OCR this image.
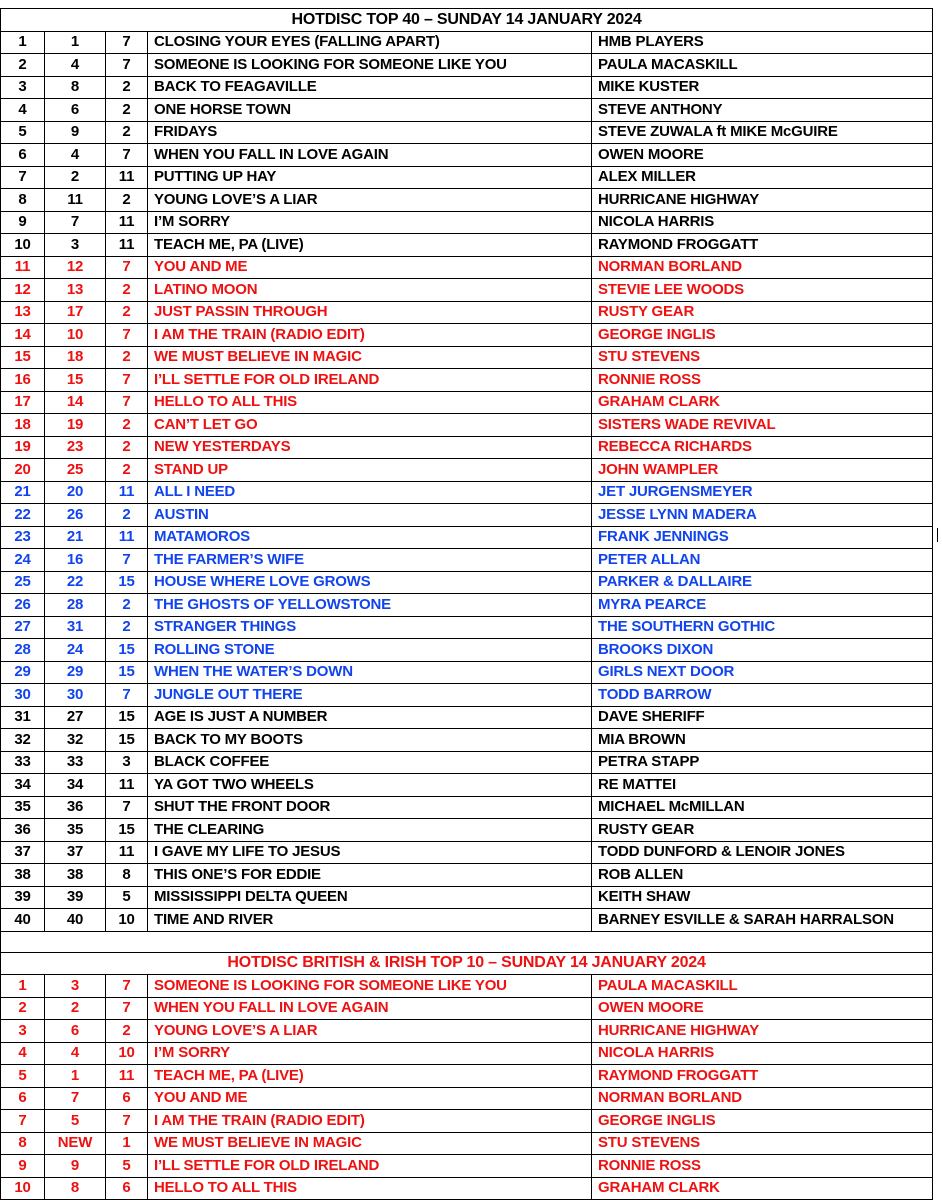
HOTDISC TOP 40 – SUNDAY 14 JANUARY 2024				
1	1	7	CLOSING YOUR EYES (FALLING APART)	HMB PLAYERS
2	4	7	SOMEONE IS LOOKING FOR SOMEONE LIKE YOU	PAULA MACASKILL
3	8	2	BACK TO FEAGAVILLE	MIKE KUSTER
4	6	2	ONE HORSE TOWN	STEVE ANTHONY
5	9	2	FRIDAYS	STEVE ZUWALA ft MIKE McGUIRE
6	4	7	WHEN YOU FALL IN LOVE AGAIN	OWEN MOORE
7	2	11	PUTTING UP HAY	ALEX MILLER
8	11	2	YOUNG LOVE’S A LIAR	HURRICANE HIGHWAY
9	7	11	I’M SORRY	NICOLA HARRIS
10	3	11	TEACH ME, PA (LIVE)	RAYMOND FROGGATT
11	12	7	YOU AND ME	NORMAN BORLAND
12	13	2	LATINO MOON	STEVIE LEE WOODS
13	17	2	JUST PASSIN THROUGH	RUSTY GEAR
14	10	7	I AM THE TRAIN (RADIO EDIT)	GEORGE INGLIS
15	18	2	WE MUST BELIEVE IN MAGIC	STU STEVENS
16	15	7	I’LL SETTLE FOR OLD IRELAND	RONNIE ROSS
17	14	7	HELLO TO ALL THIS	GRAHAM CLARK
18	19	2	CAN’T LET GO	SISTERS WADE REVIVAL
19	23	2	NEW YESTERDAYS	REBECCA RICHARDS
20	25	2	STAND UP	JOHN WAMPLER
21	20	11	ALL I NEED	JET JURGENSMEYER
22	26	2	AUSTIN	JESSE LYNN MADERA
23	21	11	MATAMOROS	FRANK JENNINGS
24	16	7	THE FARMER’S WIFE	PETER ALLAN
25	22	15	HOUSE WHERE LOVE GROWS	PARKER & DALLAIRE
26	28	2	THE GHOSTS OF YELLOWSTONE	MYRA PEARCE
27	31	2	STRANGER THINGS	THE SOUTHERN GOTHIC
28	24	15	ROLLING STONE	BROOKS DIXON
29	29	15	WHEN THE WATER’S DOWN	GIRLS NEXT DOOR
30	30	7	JUNGLE OUT THERE	TODD BARROW
31	27	15	AGE IS JUST A NUMBER	DAVE SHERIFF
32	32	15	BACK TO MY BOOTS	MIA BROWN
33	33	3	BLACK COFFEE	PETRA STAPP
34	34	11	YA GOT TWO WHEELS	RE MATTEI
35	36	7	SHUT THE FRONT DOOR	MICHAEL McMILLAN
36	35	15	THE CLEARING	RUSTY GEAR
37	37	11	I GAVE MY LIFE TO JESUS	TODD DUNFORD & LENOIR JONES
38	38	8	THIS ONE’S FOR EDDIE	ROB ALLEN
39	39	5	MISSISSIPPI DELTA QUEEN	KEITH SHAW
40	40	10	TIME AND RIVER	BARNEY ESVILLE & SARAH HARRALSON

HOTDISC BRITISH & IRISH TOP 10 – SUNDAY 14 JANUARY 2024				
1	3	7	SOMEONE IS LOOKING FOR SOMEONE LIKE YOU	PAULA MACASKILL
2	2	7	WHEN YOU FALL IN LOVE AGAIN	OWEN MOORE
3	6	2	YOUNG LOVE’S A LIAR	HURRICANE HIGHWAY
4	4	10	I’M SORRY	NICOLA HARRIS
5	1	11	TEACH ME, PA (LIVE)	RAYMOND FROGGATT
6	7	6	YOU AND ME	NORMAN BORLAND
7	5	7	I AM THE TRAIN (RADIO EDIT)	GEORGE INGLIS
8	NEW	1	WE MUST BELIEVE IN MAGIC	STU STEVENS
9	9	5	I’LL SETTLE FOR OLD IRELAND	RONNIE ROSS
10	8	6	HELLO TO ALL THIS	GRAHAM CLARK
